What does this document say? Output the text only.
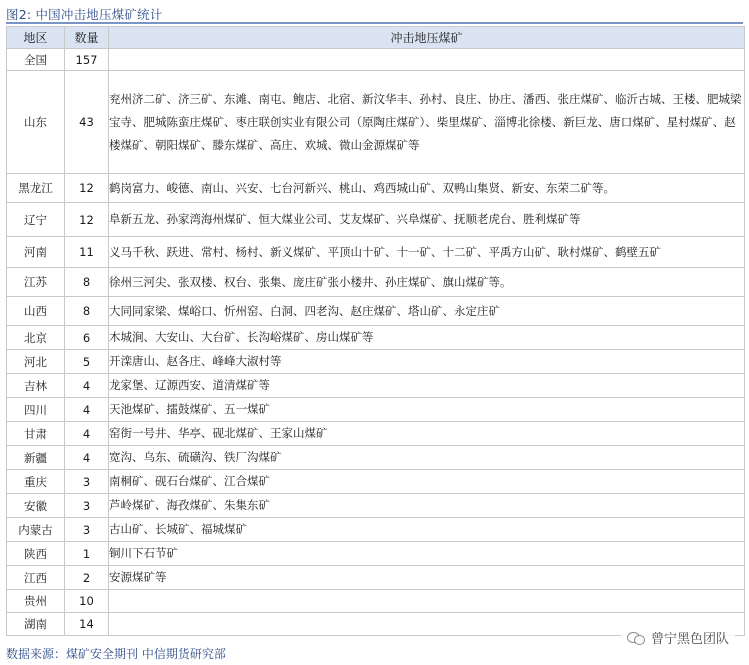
图2: 中国冲击地压煤矿统计
地区	数量	冲击地压煤矿
全国	157	
山东	43	兖州济二矿、济三矿、东滩、南屯、鲍店、北宿、新汶华丰、孙村、良庄、协庄、潘西、张庄煤矿、临沂古城、王楼、肥城梁宝寺、肥城陈蛮庄煤矿、枣庄联创实业有限公司（原陶庄煤矿）、柴里煤矿、淄博北徐楼、新巨龙、唐口煤矿、星村煤矿、赵楼煤矿、朝阳煤矿、滕东煤矿、高庄、欢城、微山金源煤矿等
黑龙江	12	鹤岗富力、峻德、南山、兴安、七台河新兴、桃山、鸡西城山矿、双鸭山集贤、新安、东荣二矿等。
辽宁	12	阜新五龙、孙家湾海州煤矿、恒大煤业公司、艾友煤矿、兴阜煤矿、抚顺老虎台、胜利煤矿等
河南	11	义马千秋、跃进、常村、杨村、新义煤矿、平顶山十矿、十一矿、十二矿、平禹方山矿、耿村煤矿、鹤壁五矿
江苏	8	徐州三河尖、张双楼、权台、张集、庞庄矿张小楼井、孙庄煤矿、旗山煤矿等。
山西	8	大同同家梁、煤峪口、忻州窑、白洞、四老沟、赵庄煤矿、塔山矿、永定庄矿
北京	6	木城涧、大安山、大台矿、长沟峪煤矿、房山煤矿等
河北	5	开滦唐山、赵各庄、峰峰大淑村等
吉林	4	龙家堡、辽源西安、道清煤矿等
四川	4	天池煤矿、擂鼓煤矿、五一煤矿
甘肃	4	窑街一号井、华亭、砚北煤矿、王家山煤矿
新疆	4	宽沟、乌东、硫磺沟、铁厂沟煤矿
重庆	3	南桐矿、砚石台煤矿、江合煤矿
安徽	3	芦岭煤矿、海孜煤矿、朱集东矿
内蒙古	3	古山矿、长城矿、福城煤矿
陕西	1	铜川下石节矿
江西	2	安源煤矿等
贵州	10	
湖南	14	
曾宁黑色团队
数据来源：煤矿安全期刊 中信期货研究部
